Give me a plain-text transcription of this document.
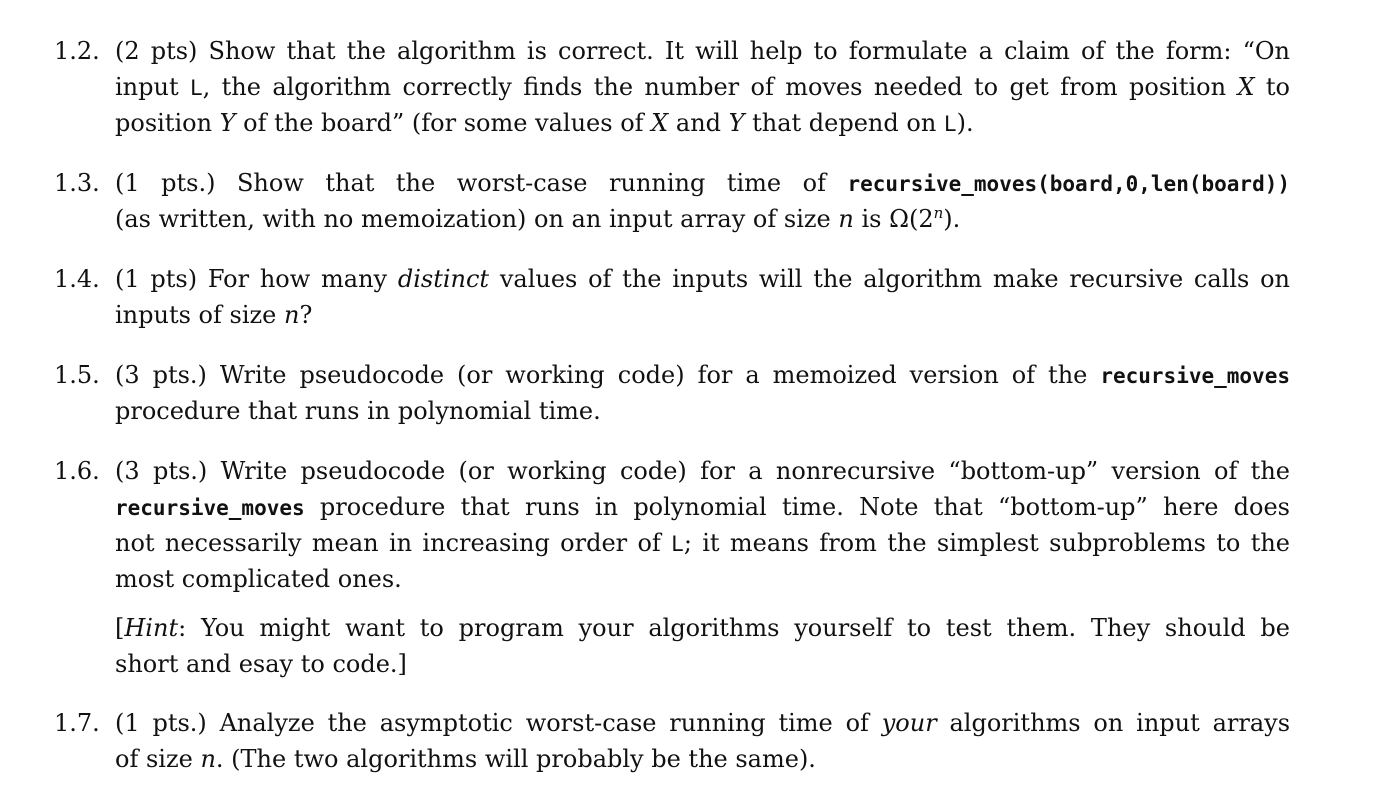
1.2. (2 pts) Show that the algorithm is correct. It will help to formulate a claim of the form: “On
input L, the algorithm correctly finds the number of moves needed to get from position X to
position Y of the board” (for some values of X and Y that depend on L).
1.3. (1 pts.) Show that the worst-case running time of recursive_moves(board,0,len(board))
(as written, with no memoization) on an input array of size n is Ω(2$^n$).
1.4. (1 pts) For how many distinct values of the inputs will the algorithm make recursive calls on
inputs of size n?
1.5. (3 pts.) Write pseudocode (or working code) for a memoized version of the recursive_moves
procedure that runs in polynomial time.
1.6. (3 pts.) Write pseudocode (or working code) for a nonrecursive “bottom-up” version of the
recursive_moves procedure that runs in polynomial time. Note that “bottom-up” here does
not necessarily mean in increasing order of L; it means from the simplest subproblems to the
most complicated ones.
[Hint: You might want to program your algorithms yourself to test them. They should be
short and esay to code.]
1.7. (1 pts.) Analyze the asymptotic worst-case running time of your algorithms on input arrays
of size n. (The two algorithms will probably be the same).
